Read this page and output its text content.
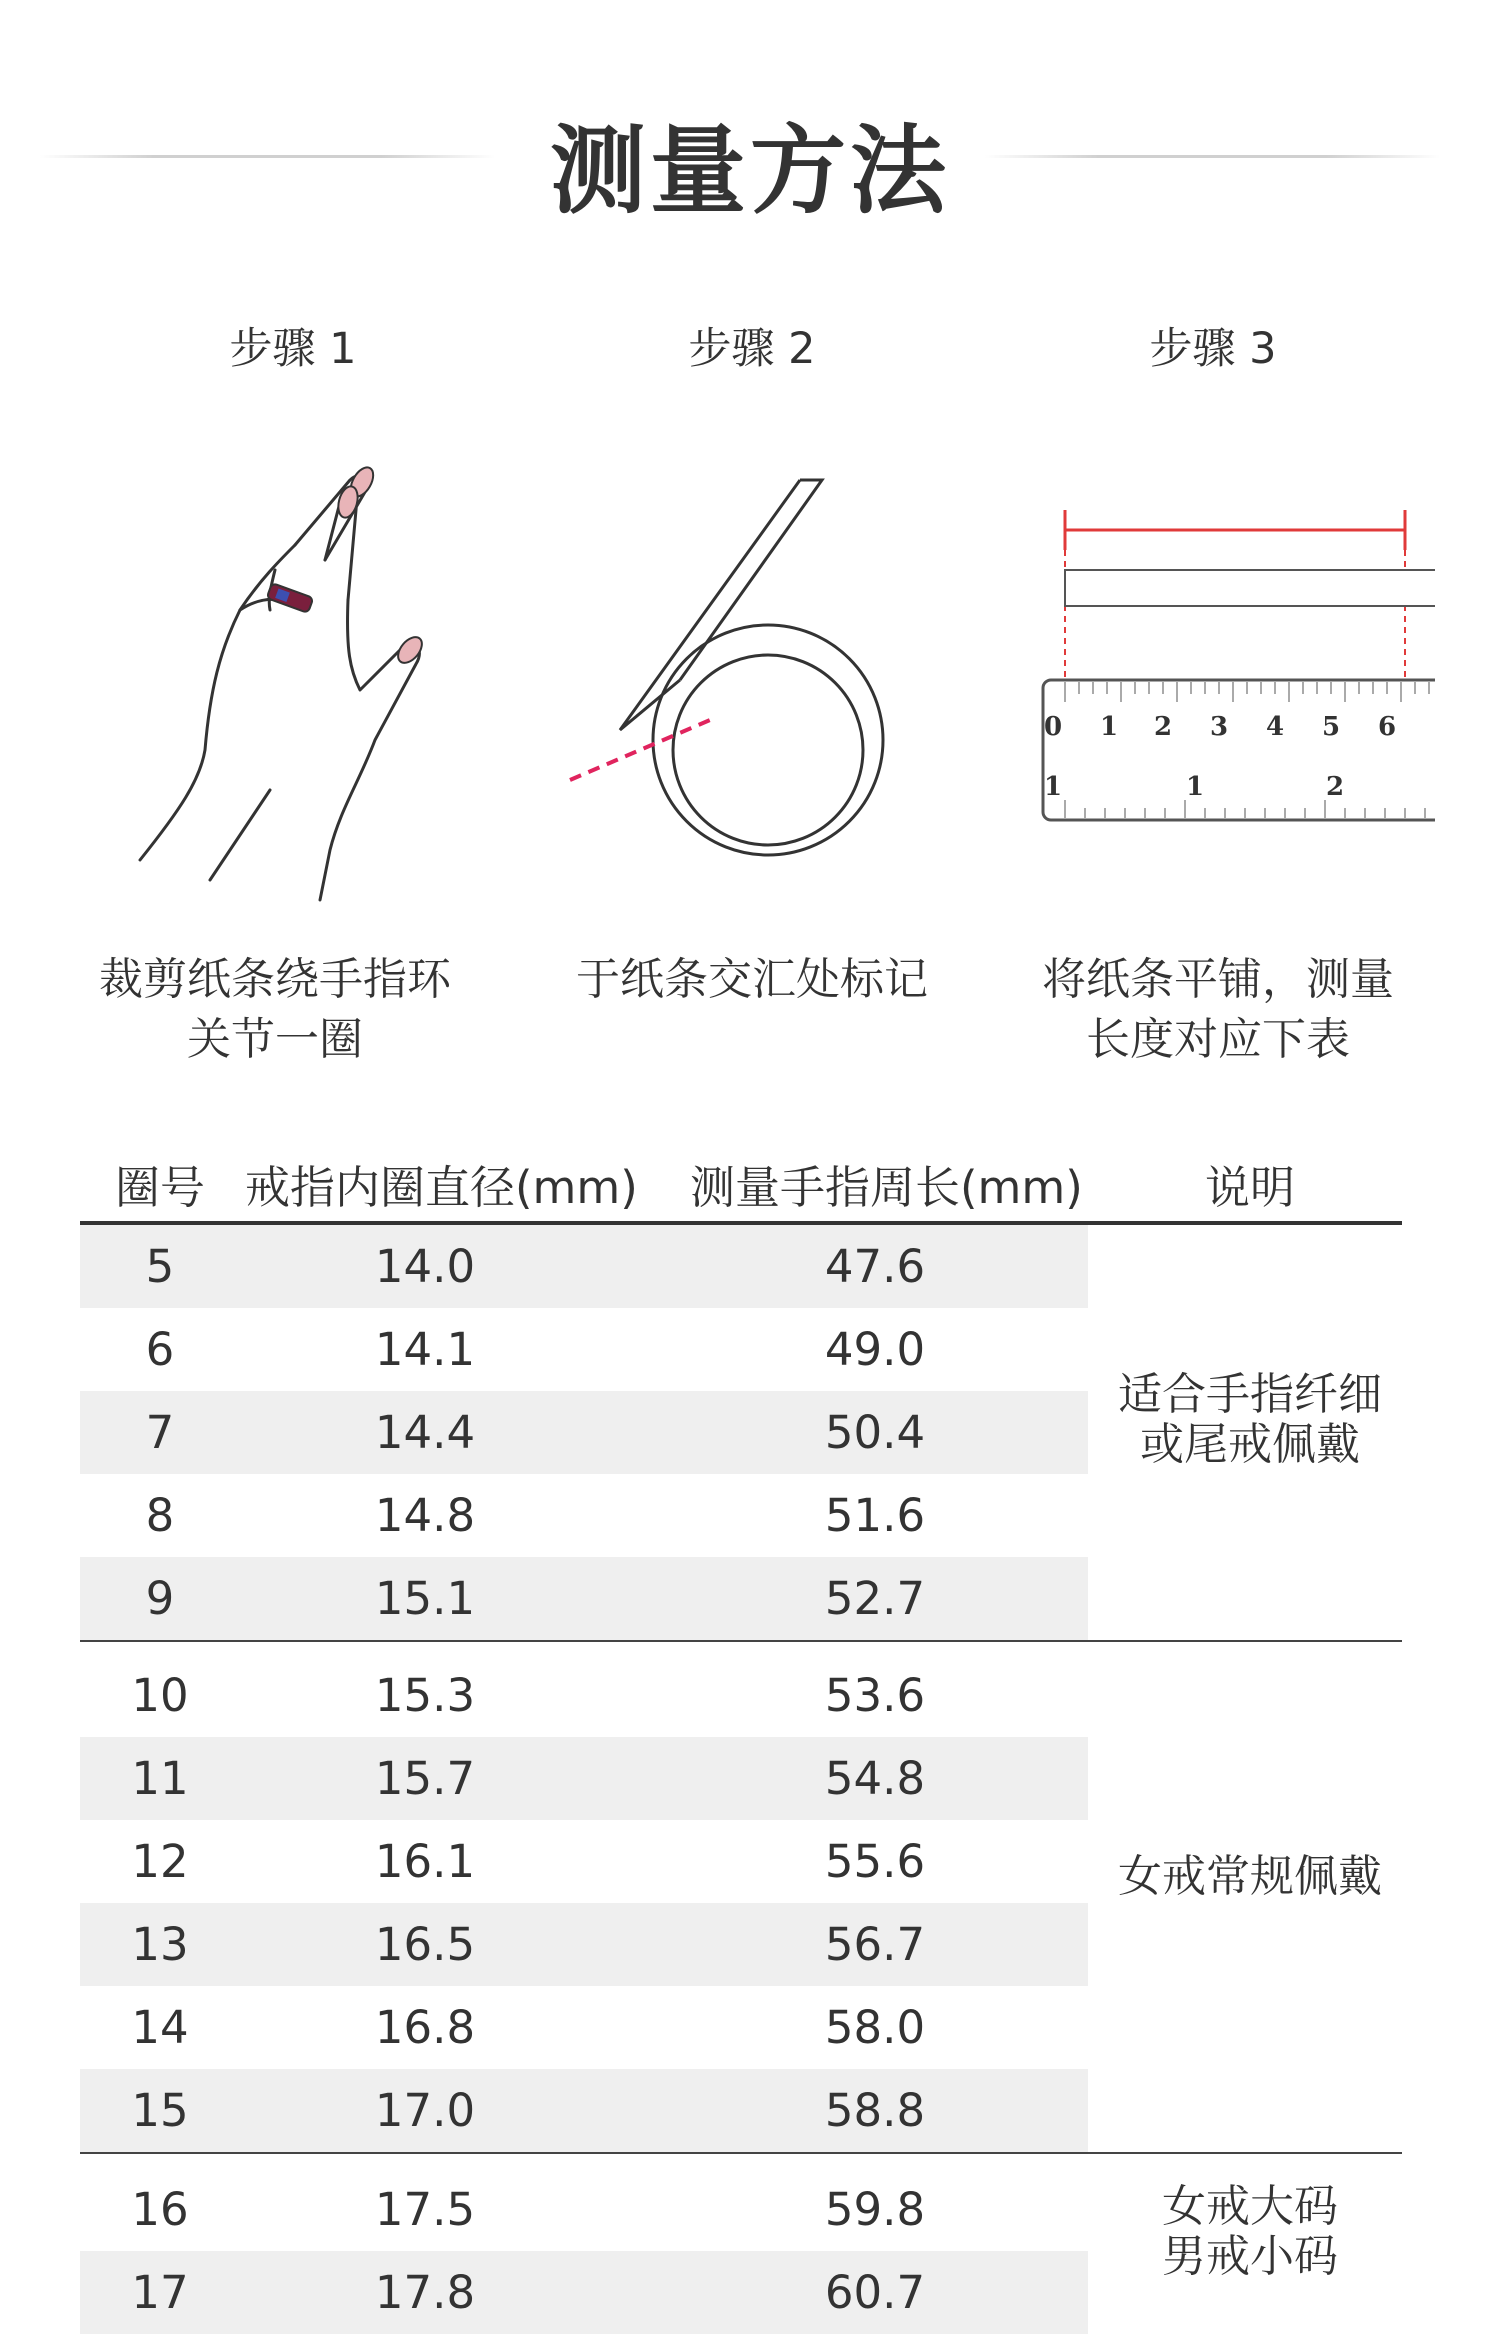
测量方法
步骤 1	步骤 2	步骤 3
0 1 2 3 4 5 6
1	1	2
裁剪纸条绕手指环
关节一圈
于纸条交汇处标记	将纸条平铺，测量
长度对应下表
圈号 戒指内圈直径(mm) 测量手指周长(mm)	说明
5	14.0	47.6
6	14.1	49.0
7	14.4	50.4
8	14.8	51.6
9	15.1	52.7
适合手指纤细或尾戒佩戴
10	15.3	53.6
11	15.7	54.8
12	16.1	55.6
13	16.5	56.7
14	16.8	58.0
15	17.0	58.8
女戒常规佩戴
16	17.5	59.8
17	17.8	60.7
女戒大码
男戒小码
